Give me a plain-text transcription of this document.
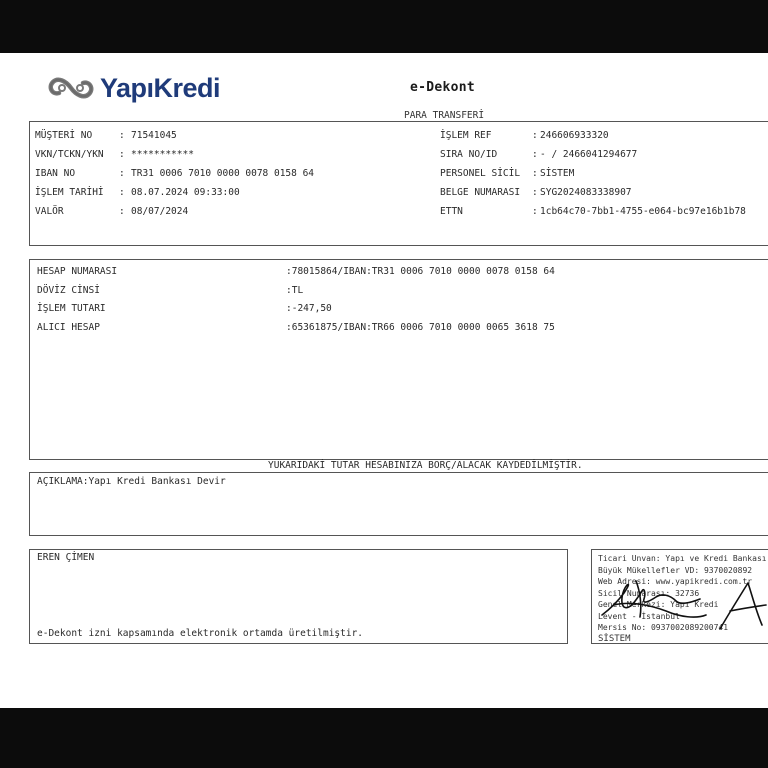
YapıKredi	e-Dekont
PARA TRANSFERİ
MÜŞTERİ NO	: 71541045
VKN/TCKN/YKN : ***********
IBAN NO	: TR31 0006 7010 0000 0078 0158 64
İŞLEM TARİHİ : 08.07.2024 09:33:00
VALÖR	: 08/07/2024
İŞLEM REF	: 246606933320
SIRA NO/ID	: - / 2466041294677
PERSONEL SİCİL : SİSTEM
BELGE NUMARASI : SYG2024083338907
ETTN	: 1cb64c70-7bb1-4755-e064-bc97e16b1b78
HESAP NUMARASI	:78015864/IBAN:TR31 0006 7010 0000 0078 0158 64
DÖVİZ CİNSİ	:TL
İŞLEM TUTARI	:-247,50
ALICI HESAP	:65361875/IBAN:TR66 0006 7010 0000 0065 3618 75
YUKARIDAKİ TUTAR HESABINIZA BORÇ/ALACAK KAYDEDİLMİŞTİR.
AÇIKLAMA:Yapı Kredi Bankası Devir
EREN ÇİMEN
e-Dekont izni kapsamında elektronik ortamda üretilmiştir.
Ticari Unvan: Yapı ve Kredi Bankası
Büyük Mükellefler VD: 9370020892
Web Adresi: www.yapikredi.com.tr
Sicil Numarası: 32736
Genel Merkezi: Yapı Kredi
Levent - İstanbul
Mersis No: 0937002089200741
SİSTEM
